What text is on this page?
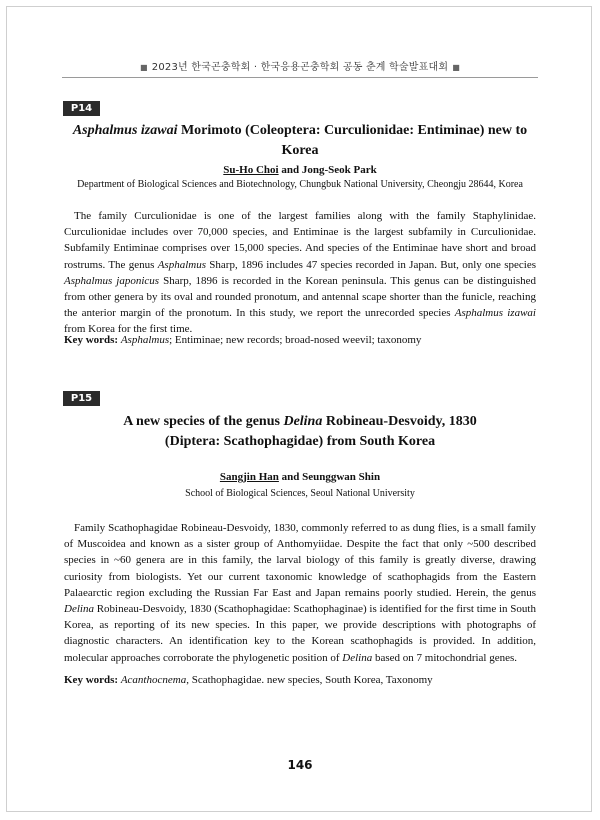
■ 2023년 한국곤충학회 · 한국응용곤충학회 공동 춘계 학술발표대회 ■
P14
Asphalmus izawai Morimoto (Coleoptera: Curculionidae: Entiminae) new to Korea
Su-Ho Choi and Jong-Seok Park
Department of Biological Sciences and Biotechnology, Chungbuk National University, Cheongju 28644, Korea

The family Curculionidae is one of the largest families along with the family Staphylinidae. Curculionidae includes over 70,000 species, and Entiminae is the largest subfamily in Curculionidae. Subfamily Entiminae comprises over 15,000 species. And species of the Entiminae have short and broad rostrums. The genus Asphalmus Sharp, 1896 includes 47 species recorded in Japan. But, only one species Asphalmus japonicus Sharp, 1896 is recorded in the Korean peninsula. This genus can be distinguished from other genera by its oval and rounded pronotum, and antennal scape shorter than the funicle, reaching the anterior margin of the pronotum. In this study, we report the unrecorded species Asphalmus izawai from Korea for the first time.

Key words: Asphalmus; Entiminae; new records; broad-nosed weevil; taxonomy
P15
A new species of the genus Delina Robineau-Desvoidy, 1830
(Diptera: Scathophagidae) from South Korea
Sangjin Han and Seunggwan Shin
School of Biological Sciences, Seoul National University

Family Scathophagidae Robineau-Desvoidy, 1830, commonly referred to as dung flies, is a small family of Muscoidea and known as a sister group of Anthomyiidae. Despite the fact that only ~500 described species in ~60 genera are in this family, the larval biology of this family is greatly diverse, drawing curiosity from biologists. Yet our current taxonomic knowledge of scathophagids from the Eastern Palaearctic region excluding the Russian Far East and Japan remains poorly studied. Herein, the genus Delina Robineau-Desvoidy, 1830 (Scathophagidae: Scathophaginae) is identified for the first time in South Korea, as reporting of its new species. In this paper, we provide descriptions with photographs of diagnostic characters. An identification key to the Korean scathophagids is provided. In addition, molecular approaches corroborate the phylogenetic position of Delina based on 7 mitochondrial genes.

Key words: Acanthocnema, Scathophagidae. new species, South Korea, Taxonomy
146
